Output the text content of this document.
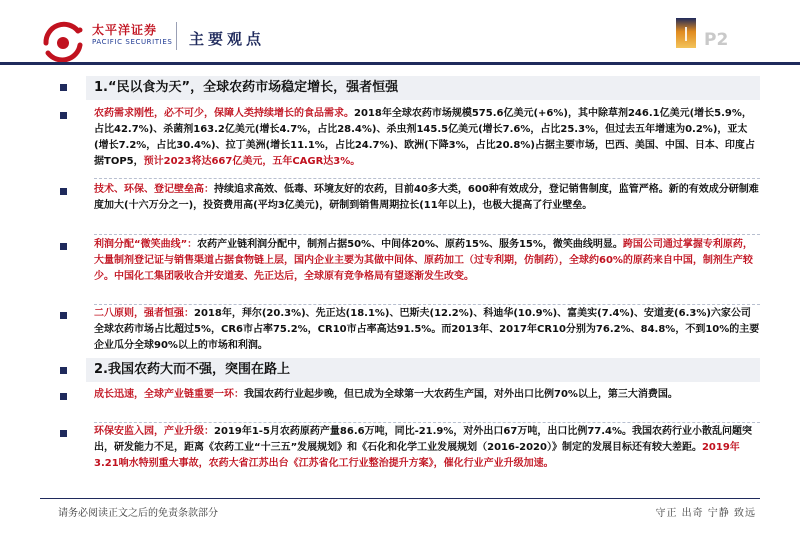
太平洋证券
PACIFIC SECURITIES 主要观点	P2
1.“民以食为天”，全球农药市场稳定增长，强者恒强
农药需求刚性，必不可少，保障人类持续增长的食品需求。2018年全球农药市场规模575.6亿美元(+6%)，其中除草剂246.1亿美元(增长5.9%，占比42.7%)、杀菌剂163.2亿美元(增长4.7%，占比28.4%)、杀虫剂145.5亿美元(增长7.6%，占比25.3%，但过去五年增速为0.2%)，亚太(增长7.2%，占比30.4%)、拉丁美洲(增长11.1%，占比24.7%)、欧洲(下降3%，占比20.8%)占据主要市场，巴西、美国、中国、日本、印度占据TOP5，预计2023将达667亿美元，五年CAGR达3%。
技术、环保、登记壁垒高：持续追求高效、低毒、环境友好的农药，目前40多大类，600种有效成分，登记销售制度，监管严格。新的有效成分研制难度加大(十六万分之一)，投资费用高(平均3亿美元)，研制到销售周期拉长(11年以上)，也极大提高了行业壁垒。
利润分配“微笑曲线”：农药产业链利润分配中，制剂占据50%、中间体20%、原药15%、服务15%，微笑曲线明显。跨国公司通过掌握专利原药，大量制剂登记证与销售渠道占据食物链上层，国内企业主要为其做中间体、原药加工（过专利期，仿制药），全球约60%的原药来自中国，制剂生产较少。中国化工集团吸收合并安道麦、先正达后，全球原有竞争格局有望逐渐发生改变。
二八原则，强者恒强：2018年，拜尔(20.3%)、先正达(18.1%)、巴斯夫(12.2%)、科迪华(10.9%)、富美实(7.4%)、安道麦(6.3%)六家公司全球农药市场占比超过5%，CR6市占率75.2%，CR10市占率高达91.5%。而2013年、2017年CR10分别为76.2%、84.8%，不到10%的主要企业瓜分全球90%以上的市场和利润。
2.我国农药大而不强，突围在路上
成长迅速，全球产业链重要一环：我国农药行业起步晚，但已成为全球第一大农药生产国，对外出口比例70%以上，第三大消费国。
环保安监入园，产业升级：2019年1-5月农药原药产量86.6万吨，同比-21.9%，对外出口67万吨，出口比例77.4%。我国农药行业小散乱问题突出，研发能力不足，距离《农药工业“十三五”发展规划》和《石化和化学工业发展规划（2016-2020）》制定的发展目标还有较大差距。2019年3.21响水特别重大事故，农药大省江苏出台《江苏省化工行业整治提升方案》，催化行业产业升级加速。
请务必阅读正文之后的免责条款部分	守正 出奇 宁静 致远
